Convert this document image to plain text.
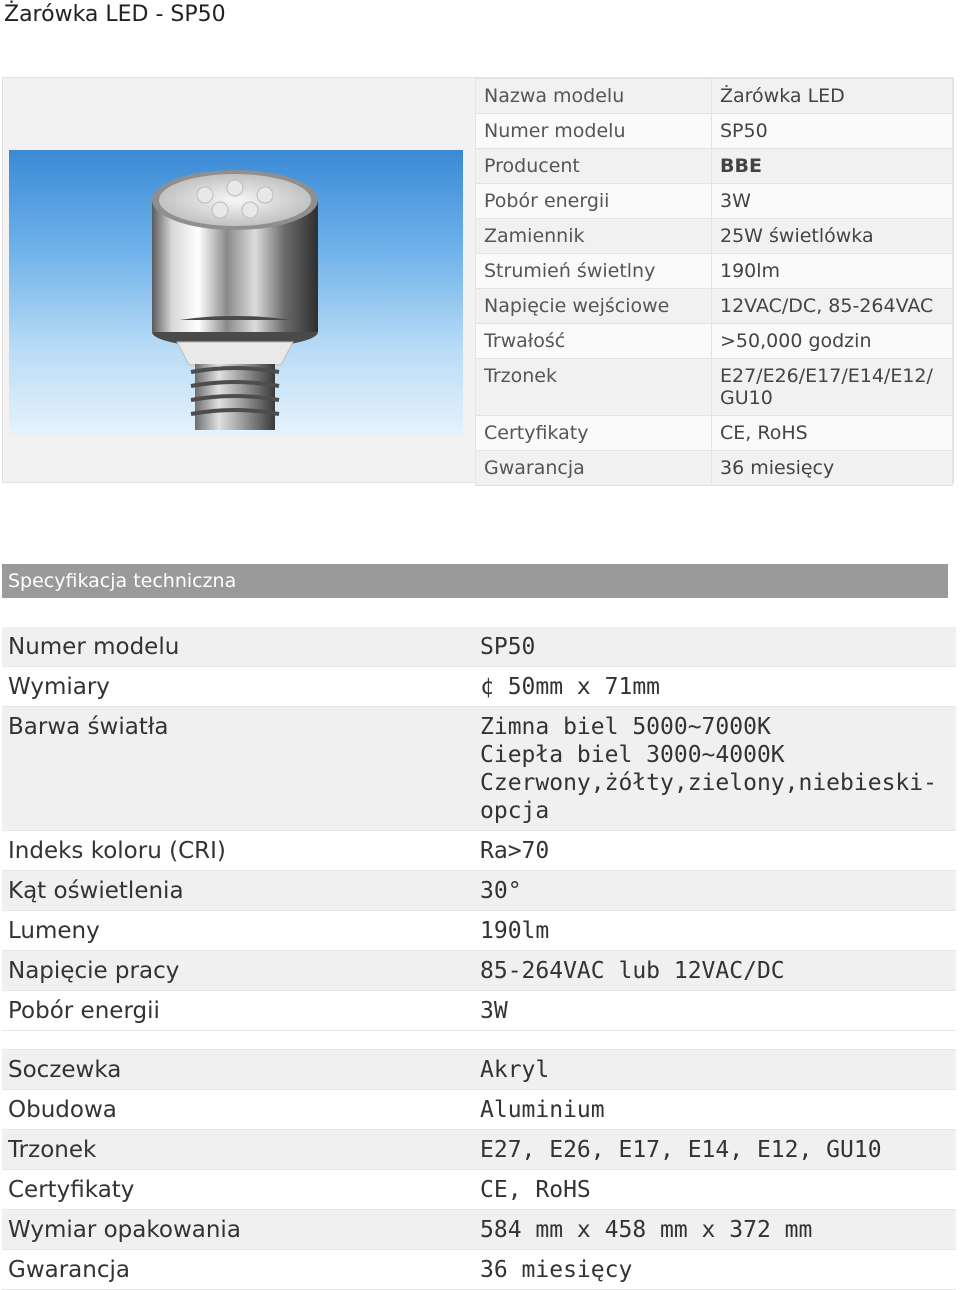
Żarówka LED - SP50
Nazwa modelu	Żarówka LED
Numer modelu	SP50
Producent	BBE
Pobór energii	3W
Zamiennik	25W świetlówka
Strumień świetlny	190lm
Napięcie wejściowe	12VAC/DC, 85-264VAC
Trwałość	>50,000 godzin
Trzonek	E27/E26/E17/E14/E12/ GU10
Certyfikaty	CE, RoHS
Gwarancja	36 miesięcy
Specyfikacja techniczna
Numer modelu	SP50

Wymiary	¢ 50mm x 71mm

Barwa światła	Zimna biel 5000~7000K
Ciepła biel 3000~4000K
Czerwony,żółty,zielony,niebieski-opcja

Indeks koloru (CRI)	Ra>70

Kąt oświetlenia	30°

Lumeny	190lm

Napięcie pracy	85-264VAC lub 12VAC/DC

Pobór energii	3W

Soczewka	Akryl

Obudowa	Aluminium

Trzonek	E27, E26, E17, E14, E12, GU10

Certyfikaty	CE, RoHS

Wymiar opakowania	584 mm x 458 mm x 372 mm

Gwarancja	36 miesięcy
